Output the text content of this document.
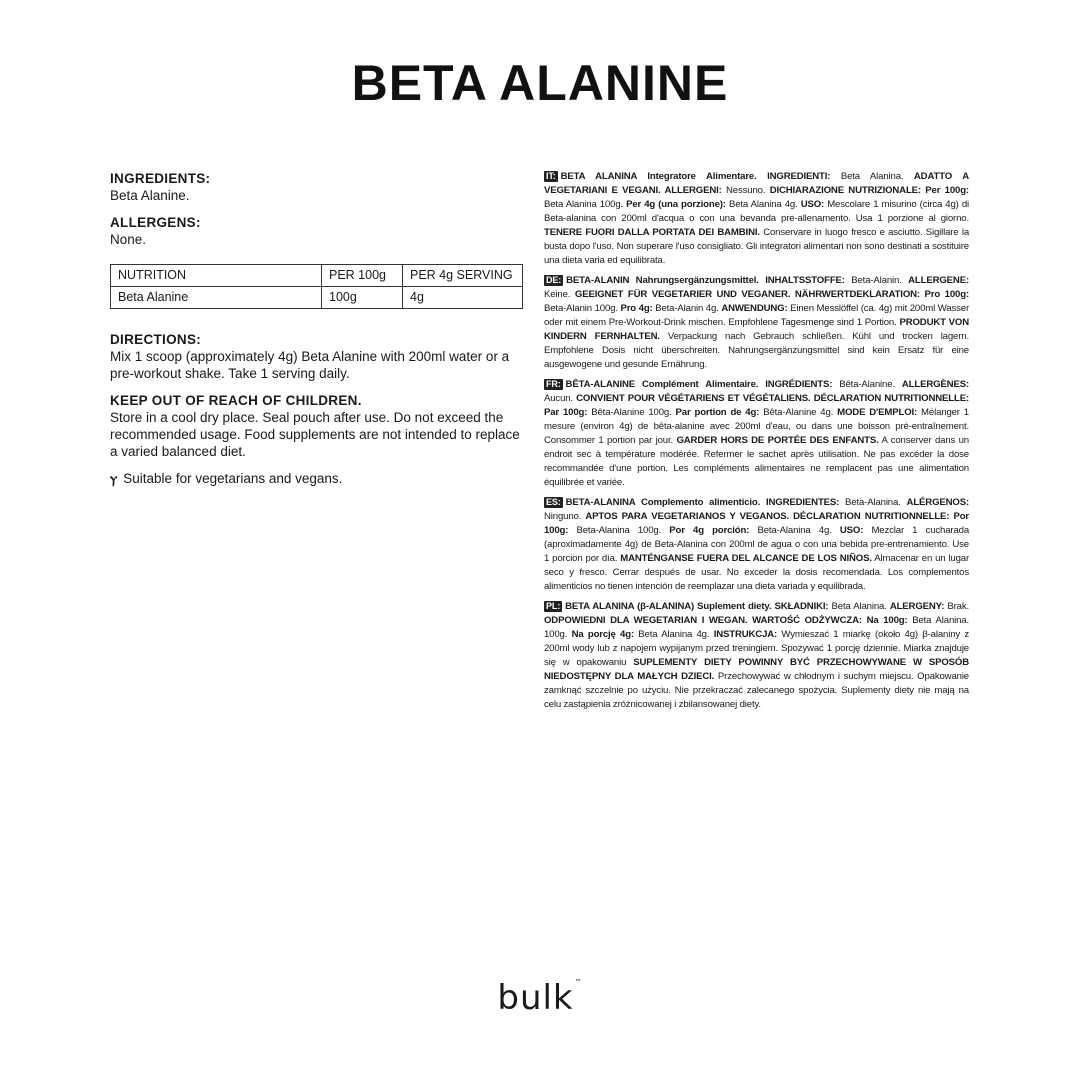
BETA ALANINE
INGREDIENTS:

Beta Alanine.

ALLERGENS:

None.

NUTRITION	PER 100g	PER 4g SERVING
Beta Alanine	100g	4g
DIRECTIONS:

Mix 1 scoop (approximately 4g) Beta Alanine with 200ml water or a pre-workout shake. Take 1 serving daily.

KEEP OUT OF REACH OF CHILDREN.

Store in a cool dry place. Seal pouch after use. Do not exceed the recommended usage. Food supplements are not intended to replace a varied balanced diet.

ⲩ Suitable for vegetarians and vegans.

IT: BETA ALANINA Integratore Alimentare. INGREDIENTI: Beta Alanina. ADATTO A VEGETARIANI E VEGANI. ALLERGENI: Nessuno. DICHIARAZIONE NUTRIZIONALE: Per 100g: Beta Alanina 100g. Per 4g (una porzione): Beta Alanina 4g. USO: Mescolare 1 misurino (circa 4g) di Beta-alanina con 200ml d'acqua o con una bevanda pre-allenamento. Usa 1 porzione al giorno. TENERE FUORI DALLA PORTATA DEI BAMBINI. Conservare in luogo fresco e asciutto. Sigillare la busta dopo l'uso. Non superare l'uso consigliato. Gli integratori alimentari non sono destinati a sostituire una dieta varia ed equilibrata.

DE: BETA-ALANIN Nahrungsergänzungsmittel. INHALTSSTOFFE: Beta-Alanin. ALLERGENE: Keine. GEEIGNET FÜR VEGETARIER UND VEGANER. NÄHRWERTDEKLARATION: Pro 100g: Beta-Alanin 100g. Pro 4g: Beta-Alanin 4g. ANWENDUNG: Einen Messlöffel (ca. 4g) mit 200ml Wasser oder mit einem Pre-Workout-Drink mischen. Empfohlene Tagesmenge sind 1 Portion. PRODUKT VON KINDERN FERNHALTEN. Verpackung nach Gebrauch schließen. Kühl und trocken lagern. Empfohlene Dosis nicht überschreiten. Nahrungsergänzungsmittel sind kein Ersatz für eine ausgewogene und gesunde Ernährung.

FR: BÊTA-ALANINE Complément Alimentaire. INGRÉDIENTS: Bêta-Alanine. ALLERGÈNES: Aucun. CONVIENT POUR VÉGÉTARIENS ET VÉGÉTALIENS. DÉCLARATION NUTRITIONNELLE: Par 100g: Bêta-Alanine 100g. Par portion de 4g: Bêta-Alanine 4g. MODE D'EMPLOI: Mélanger 1 mesure (environ 4g) de bêta-alanine avec 200ml d'eau, ou dans une boisson pré-entraînement. Consommer 1 portion par jour. GARDER HORS DE PORTÉE DES ENFANTS. A conserver dans un endroit sec à température modérée. Refermer le sachet après utilisation. Ne pas excéder la dose recommandée d'une portion. Les compléments alimentaires ne remplacent pas une alimentation équilibrée et variée.

ES: BETA-ALANINA Complemento alimenticio. INGREDIENTES: Beta-Alanina. ALÉRGENOS: Ninguno. APTOS PARA VEGETARIANOS Y VEGANOS. DÉCLARATION NUTRITIONNELLE: Por 100g: Beta-Alanina 100g. Por 4g porción: Beta-Alanina 4g. USO: Mezclar 1 cucharada (aproximadamente 4g) de Beta-Alanina con 200ml de agua o con una bebida pre-entrenamiento. Use 1 porcion por día. MANTÉNGANSE FUERA DEL ALCANCE DE LOS NIÑOS. Almacenar en un lugar seco y fresco. Cerrar después de usar. No exceder la dosis recomendada. Los complementos alimenticios no tienen intención de reemplazar una dieta variada y equilibrada.

PL: BETA ALANINA (β-ALANINA) Suplement diety. SKŁADNIKI: Beta Alanina. ALERGENY: Brak. ODPOWIEDNI DLA WEGETARIAN I WEGAN. WARTOŚĆ ODŻYWCZA: Na 100g: Beta Alanina. 100g. Na porcję 4g: Beta Alanina 4g. INSTRUKCJA: Wymieszać 1 miarkę (około 4g) β-alaniny z 200ml wody lub z napojem wypijanym przed treningiem. Spożywać 1 porcję dziennie. Miarka znajduje się w opakowaniu SUPLEMENTY DIETY POWINNY BYĆ PRZECHOWYWANE W SPOSÓB NIEDOSTĘPNY DLA MAŁYCH DZIECI. Przechowywać w chłodnym i suchym miejscu. Opakowanie zamknąć szczelnie po użyciu. Nie przekraczać zalecanego spożycia. Suplementy diety nie mają na celu zastąpienia zróżnicowanej i zbilansowanej diety.

bulk™
